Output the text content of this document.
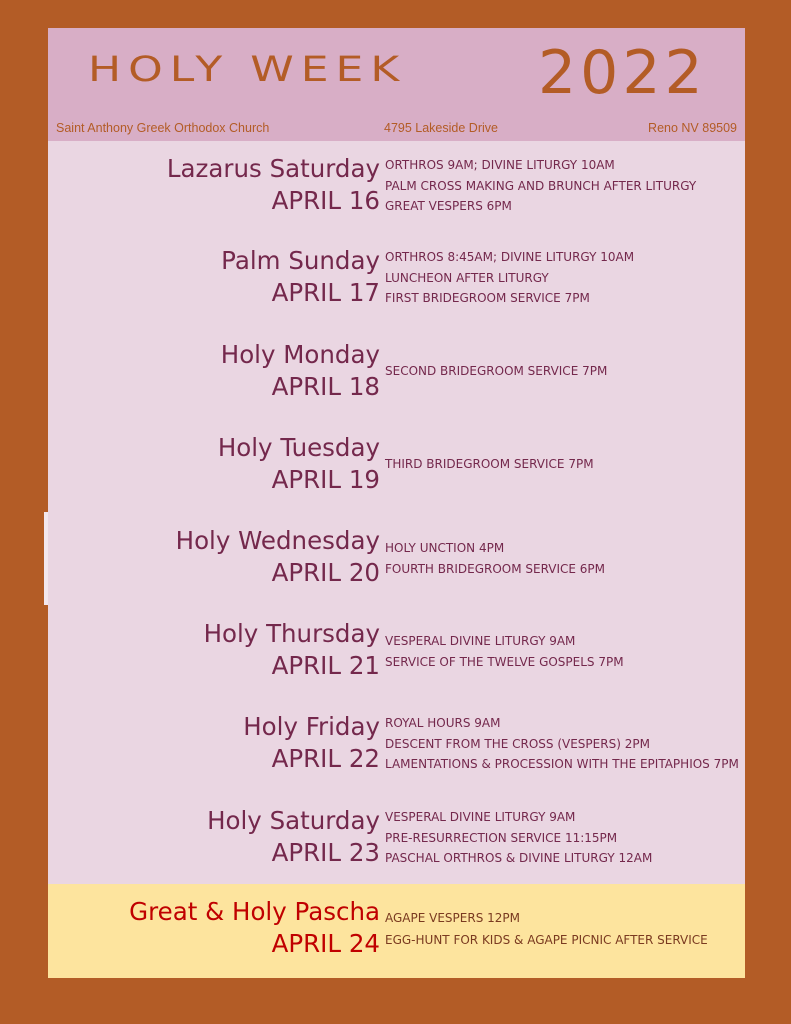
HOLY WEEK 2022
Saint Anthony Greek Orthodox Church	4795 Lakeside Drive	Reno NV 89509
Lazarus Saturday
APRIL 16
ORTHROS 9AM; DIVINE LITURGY 10AM
PALM CROSS MAKING AND BRUNCH AFTER LITURGY
GREAT VESPERS 6PM
Palm Sunday
APRIL 17
ORTHROS 8:45AM; DIVINE LITURGY 10AM
LUNCHEON AFTER LITURGY
FIRST BRIDEGROOM SERVICE 7PM
Holy Monday
APRIL 18
SECOND BRIDEGROOM SERVICE 7PM
Holy Tuesday
APRIL 19
THIRD BRIDEGROOM SERVICE 7PM
Holy Wednesday
APRIL 20
HOLY UNCTION 4PM
FOURTH BRIDEGROOM SERVICE 6PM
Holy Thursday
APRIL 21
VESPERAL DIVINE LITURGY 9AM
SERVICE OF THE TWELVE GOSPELS 7PM
Holy Friday
APRIL 22
ROYAL HOURS 9AM
DESCENT FROM THE CROSS (VESPERS) 2PM
LAMENTATIONS & PROCESSION WITH THE EPITAPHIOS 7PM
Holy Saturday
APRIL 23
VESPERAL DIVINE LITURGY 9AM
PRE-RESURRECTION SERVICE 11:15PM
PASCHAL ORTHROS & DIVINE LITURGY 12AM
Great & Holy Pascha
APRIL 24
AGAPE VESPERS 12PM
EGG-HUNT FOR KIDS & AGAPE PICNIC AFTER SERVICE
